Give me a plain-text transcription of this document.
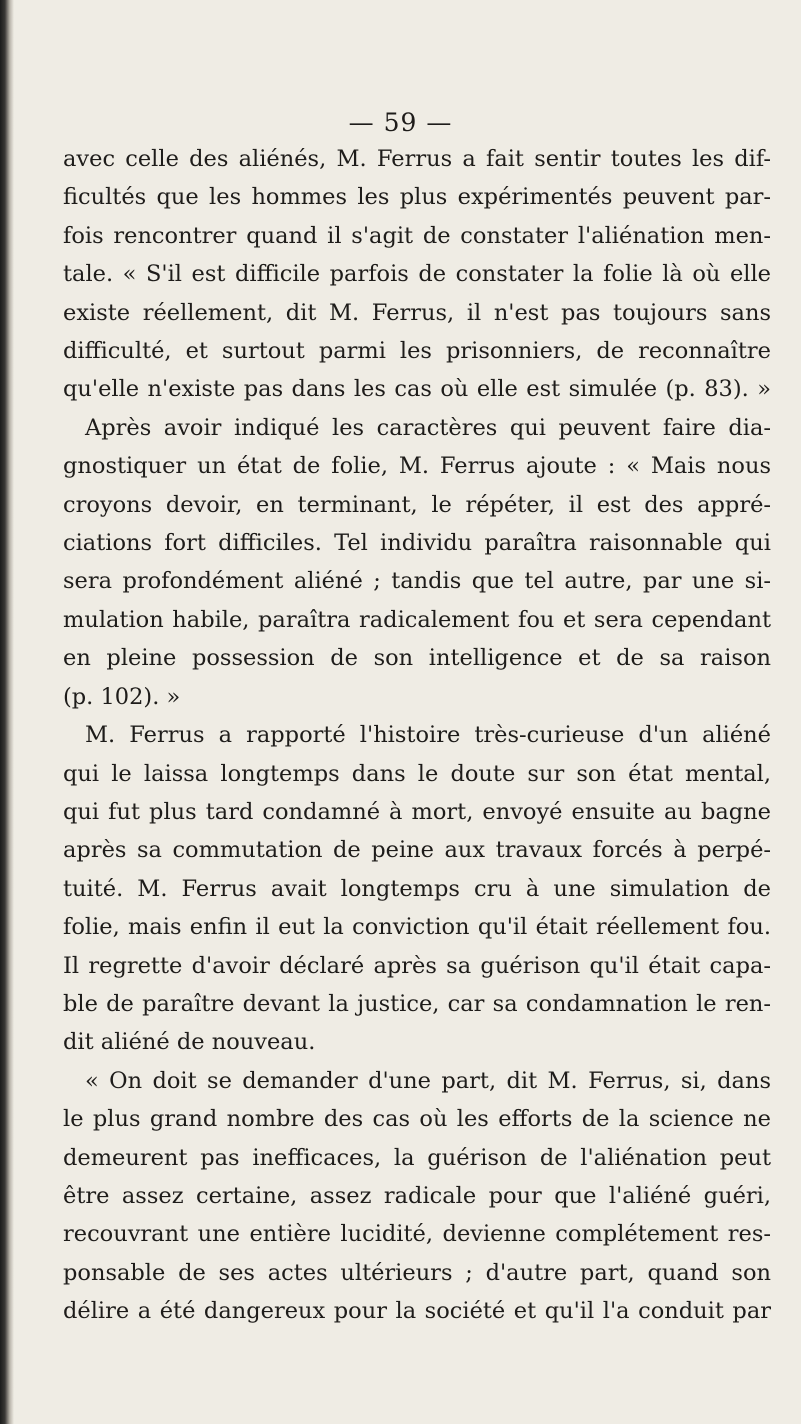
— 59 —
avec celle des aliénés, M. Ferrus a fait sentir toutes les dif-
ficultés que les hommes les plus expérimentés peuvent par-
fois rencontrer quand il s'agit de constater l'aliénation men-
tale. « S'il est difficile parfois de constater la folie là où elle
existe réellement, dit M. Ferrus, il n'est pas toujours sans
difficulté, et surtout parmi les prisonniers, de reconnaître
qu'elle n'existe pas dans les cas où elle est simulée (p. 83). »
Après avoir indiqué les caractères qui peuvent faire dia-
gnostiquer un état de folie, M. Ferrus ajoute : « Mais nous
croyons devoir, en terminant, le répéter, il est des appré-
ciations fort difficiles. Tel individu paraîtra raisonnable qui
sera profondément aliéné ; tandis que tel autre, par une si-
mulation habile, paraîtra radicalement fou et sera cependant
en pleine possession de son intelligence et de sa raison
(p. 102). »
M. Ferrus a rapporté l'histoire très-curieuse d'un aliéné
qui le laissa longtemps dans le doute sur son état mental,
qui fut plus tard condamné à mort, envoyé ensuite au bagne
après sa commutation de peine aux travaux forcés à perpé-
tuité. M. Ferrus avait longtemps cru à une simulation de
folie, mais enfin il eut la conviction qu'il était réellement fou.
Il regrette d'avoir déclaré après sa guérison qu'il était capa-
ble de paraître devant la justice, car sa condamnation le ren-
dit aliéné de nouveau.
« On doit se demander d'une part, dit M. Ferrus, si, dans
le plus grand nombre des cas où les efforts de la science ne
demeurent pas inefficaces, la guérison de l'aliénation peut
être assez certaine, assez radicale pour que l'aliéné guéri,
recouvrant une entière lucidité, devienne complétement res-
ponsable de ses actes ultérieurs ; d'autre part, quand son
délire a été dangereux pour la société et qu'il l'a conduit par
